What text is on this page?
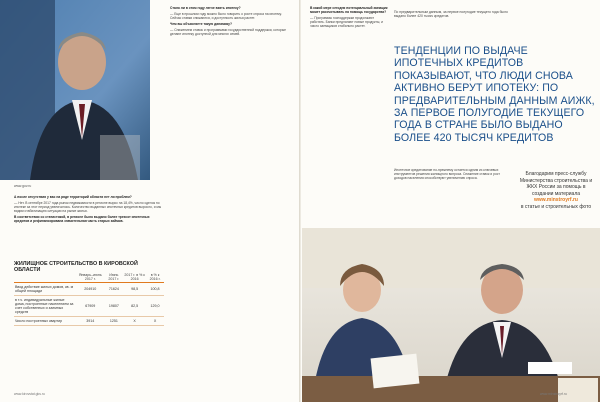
www.gov.ru

А после отсутствия у вас на ряде территорий области нет ли проблем?

— Нет. В сентябре 2017 года рынок недвижимости в регионе вырос на 18,4%, число сделок по ипотеке за этот период увеличилось. Количество выданных ипотечных кредитов выросло, и мы видим стабилизацию ситуации на рынке жилья.

В соответствии со статистикой, в регионе было выдано более трехсот ипотечных кредитов и рефинансирована значительная часть старых займов.

ЖИЛИЩНОЕ СТРОИТЕЛЬСТВО В КИРОВСКОЙ ОБЛАСТИ
	Январь–июнь 2017 г.	Июнь 2017 г.	2017 г. в % к 2016	в % к 2016 г.
Ввод действие жилых домов, кв. м общей площади	204910	71624	98,5	100,8
в т.ч. индивидуальные жилые дома, построенные населением за счет собственных и заемных средств	67909	19807	82,5	129,0
Число построенных квартир	3914	1251	X	X
www.kirovstat.gks.ru

Стало ли в этом году легче взять ипотеку?

— Еще в прошлом году можно было говорить о росте спроса на ипотеку. Сейчас ставки снижаются, и доступность жилья растет.

Чем вы объясняете такую динамику?

— Снижением ставок и программами государственной поддержки, которые делают ипотеку доступной для многих семей.

В какой мере сегодня потенциальный заемщик может рассчитывать на помощь государства?

— Программы господдержки продолжают работать. Банки предлагают новые продукты, и число заемщиков стабильно растет.

По предварительным данным, за первое полугодие текущего года было выдано более 420 тысяч кредитов.
ТЕНДЕНЦИИ ПО ВЫДАЧЕ ИПОТЕЧНЫХ КРЕДИТОВ ПОКАЗЫВАЮТ, ЧТО ЛЮДИ СНОВА АКТИВНО БЕРУТ ИПОТЕКУ: ПО ПРЕДВАРИТЕЛЬНЫМ ДАННЫМ АИЖК, ЗА ПЕРВОЕ ПОЛУГОДИЕ ТЕКУЩЕГО ГОДА В СТРАНЕ БЫЛО ВЫДАНО БОЛЕЕ 420 ТЫСЯЧ КРЕДИТОВ

Ипотечное кредитование по-прежнему остается одним из ключевых инструментов решения жилищного вопроса. Снижение ставок и рост доходов населения способствуют увеличению спроса.

Благодарим пресс-службу Министерства строительства и ЖКХ России за помощь в создании материала
www.minstroyrf.ru
в статье и строительных фото
www.minstroyrf.ru
